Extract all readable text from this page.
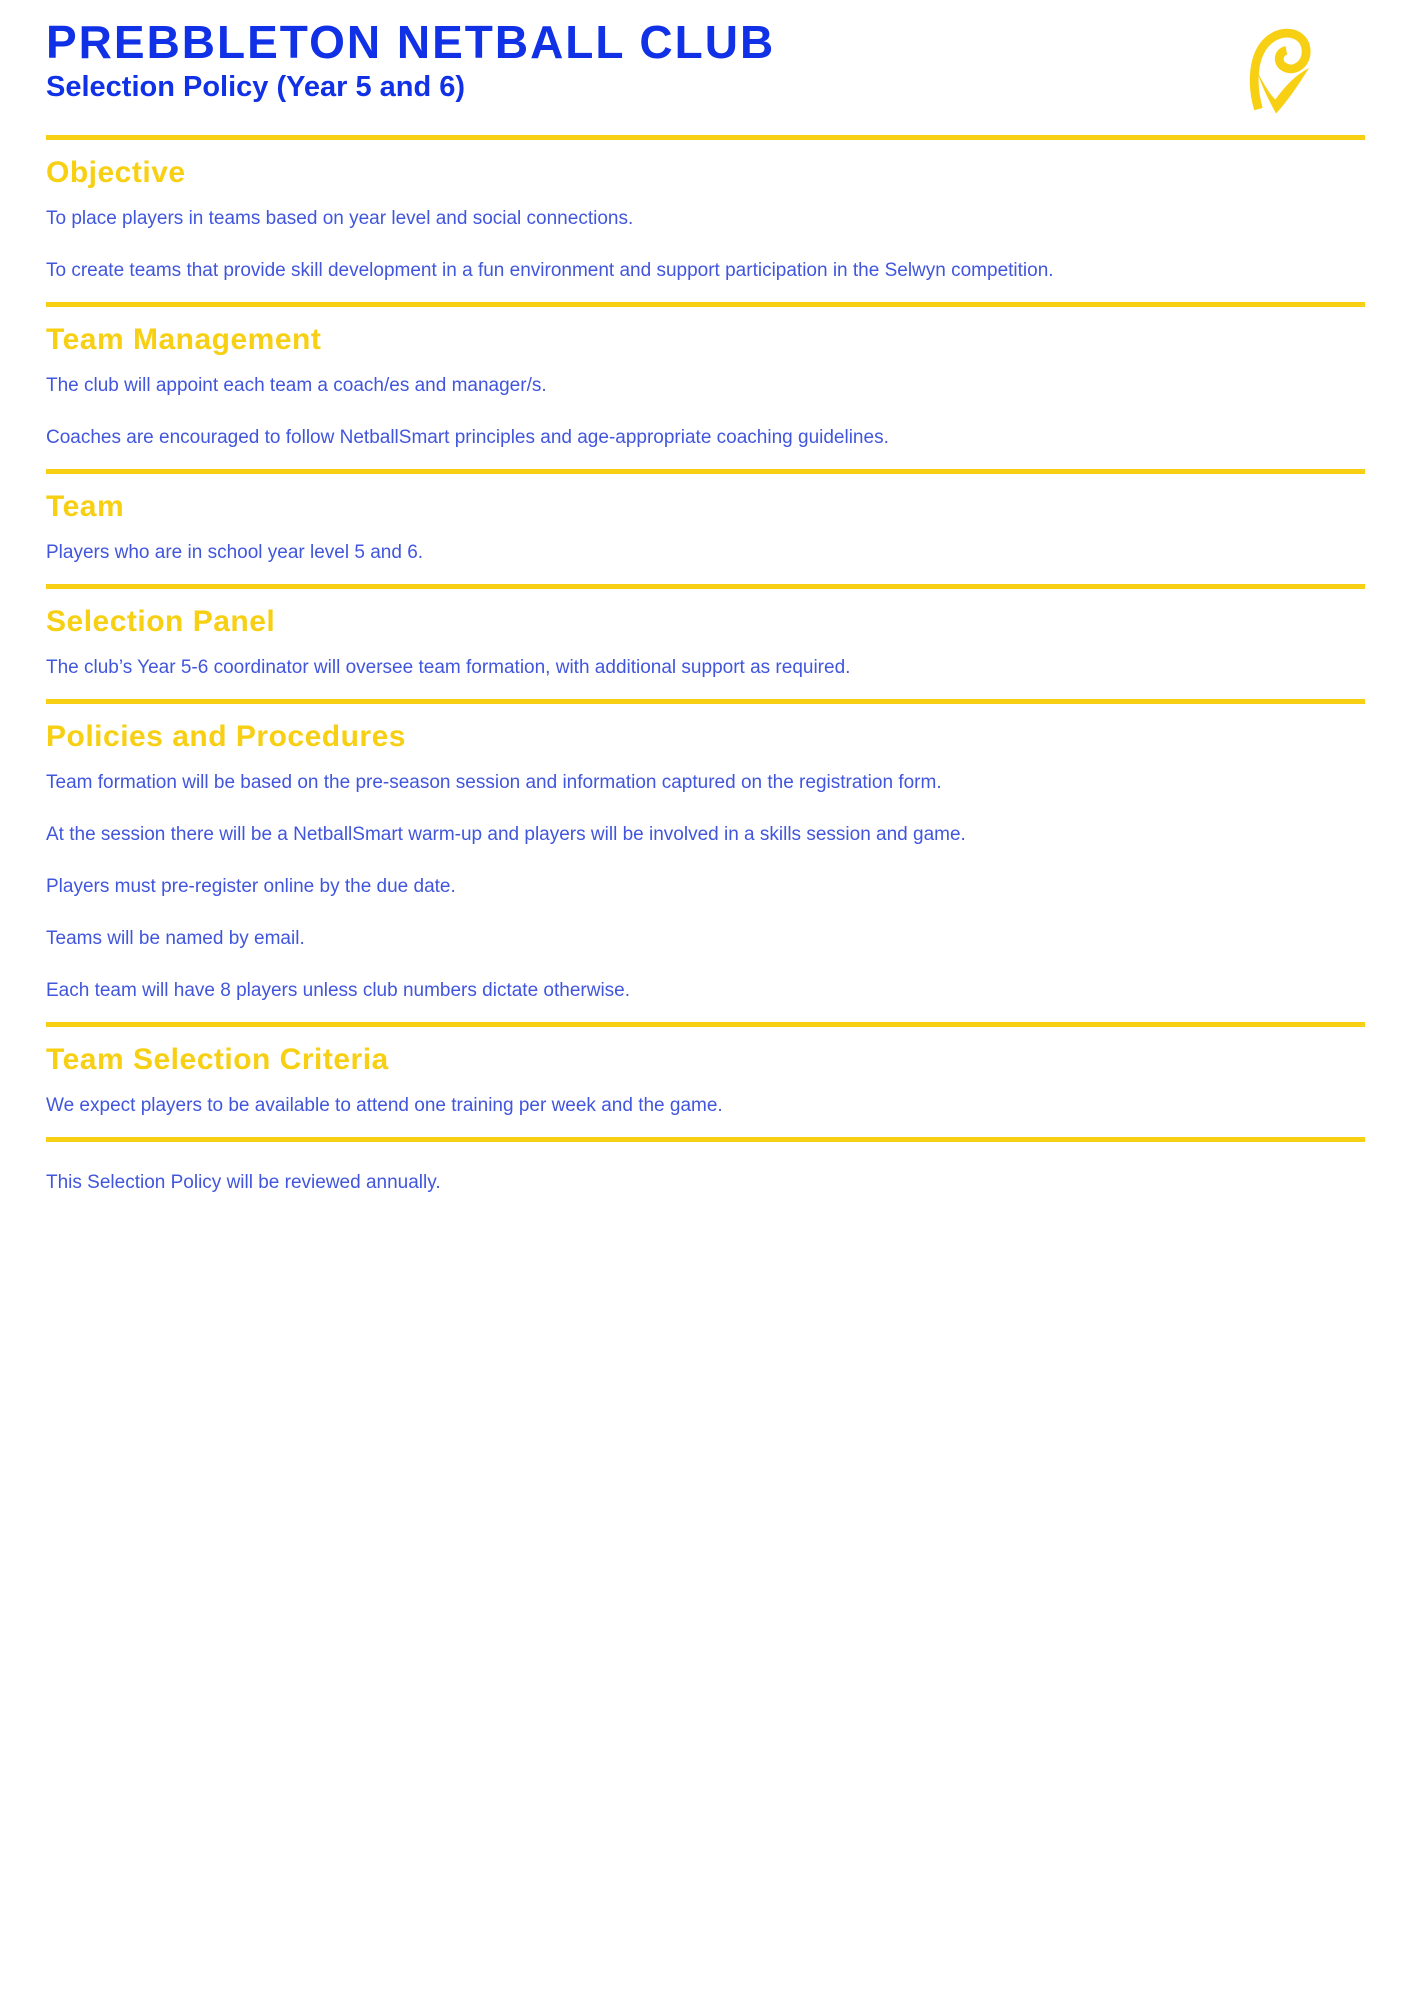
PREBBLETON NETBALL CLUB
Selection Policy (Year 5 and 6)
Objective

To place players in teams based on year level and social connections.

To create teams that provide skill development in a fun environment and support participation in the Selwyn competition.

Team Management

The club will appoint each team a coach/es and manager/s.

Coaches are encouraged to follow NetballSmart principles and age-appropriate coaching guidelines.

Team

Players who are in school year level 5 and 6.

Selection Panel

The club’s Year 5-6 coordinator will oversee team formation, with additional support as required.

Policies and Procedures

Team formation will be based on the pre-season session and information captured on the registration form.

At the session there will be a NetballSmart warm-up and players will be involved in a skills session and game.

Players must pre-register online by the due date.

Teams will be named by email.

Each team will have 8 players unless club numbers dictate otherwise.

Team Selection Criteria

We expect players to be available to attend one training per week and the game.

This Selection Policy will be reviewed annually.
